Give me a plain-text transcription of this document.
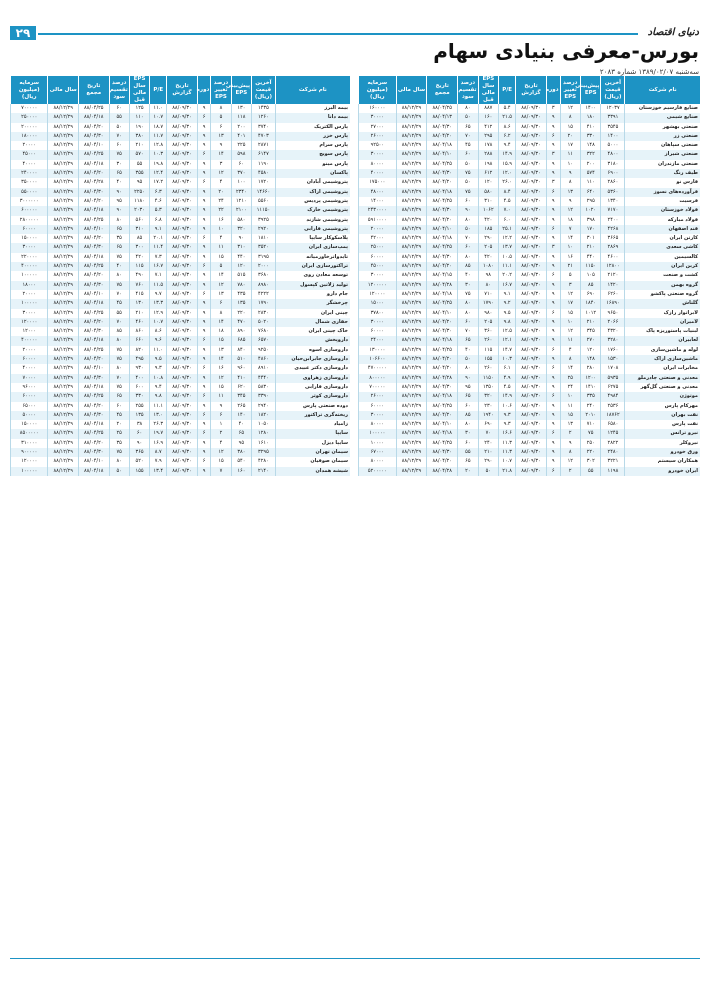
۲۹	دنیای اقتصاد
بورس-معرفی بنیادی سهام
سه‌شنبه ۱۳۸۹/۰۲/۰۷ شماره ۲۰۸۳
نام شرکت	آخرین قیمت (ریال)	پیش‌بینی EPS	درصد تغییر EPS	دوره	تاریخ گزارش	P/E	EPS سال مالی قبل	درصد تقسیم سود	تاریخ مجمع	سال مالی	سرمایه (میلیون ریال)
صنایع فارسیم خوزستان	۱۲۰۳۷	۱۴۰۰	۱۲	۳	۸۸/۰۹/۳۰	۵.۴	۸۸۷	۸۰	۸۸/۰۴/۲۵	۸۸/۱۲/۲۹	۱۶۰۰۰۰
صنایع شیمی	۳۳۹۱	۱۸۰	۸	۹	۸۸/۰۹/۳۰	۲۱.۵	۱۶۰	۵۰	۸۸/۰۴/۱۳	۸۸/۱۲/۲۹	۳۰۰۰۰
صنعتی بهشهر	۳۵۴۵	۴۱۰	۱۵	۹	۸۸/۰۹/۳۰	۸.۶	۴۱۲	۶۵	۸۸/۰۴/۳۰	۸۸/۱۲/۲۹	۲۷۰۰۰
صنعتی زر	۱۴۰۰	۳۳۰	۲۰	۶	۸۸/۰۹/۳۰	۶.۲	۲۹۵	۷۰	۸۸/۰۴/۲۰	۸۸/۱۲/۲۹	۲۶۰۰۰
صنعتی سپاهان	۵۰۰۰	۱۴۸	۱۷	۹	۸۸/۰۹/۳۰	۹.۴	۱۷۸	۴۵	۸۸/۰۴/۱۸	۸۸/۱۲/۲۹	۹۲۵۰۰
صنعتی شیراز	۴۸۰۰	۳۲۲	۱۱	۳	۸۸/۰۹/۳۰	۱۴.۹	۲۸۸	۶۰	۸۸/۰۴/۱۰	۸۸/۱۲/۲۹	۳۰۰۰۰
صنعتی مازندران	۳۱۸۰	۲۰۰	۱۰	۹	۸۸/۰۹/۳۰	۱۵.۹	۱۹۸	۵۰	۸۸/۰۴/۲۵	۸۸/۱۲/۲۹	۸۰۰۰۰
طیف رنگ	۶۹۰۰	۵۷۴	۹	۹	۸۸/۰۹/۳۰	۱۲.۰	۶۱۲	۷۵	۸۸/۰۴/۳۰	۸۸/۱۲/۲۹	۴۰۰۰۰
فارس نو	۲۸۶۰	۱۱۰	۸	۳	۸۸/۰۹/۳۰	۲۶.۰	۱۲۰	۵۰	۸۸/۰۴/۲۰	۸۸/۱۲/۲۹	۱۷۵۰۰۰
فرآورده‌های نسوز	۵۳۶۰	۶۴۰	۱۳	۶	۸۸/۰۹/۳۰	۸.۴	۵۸۰	۷۵	۸۸/۰۴/۱۸	۸۸/۱۲/۲۹	۴۸۰۰۰
فرسیت	۱۳۴۰	۲۹۵	۹	۹	۸۸/۰۹/۳۰	۴.۵	۳۱۰	۶۰	۸۸/۰۴/۲۵	۸۸/۱۲/۲۹	۱۴۰۰۰
فولاد خوزستان	۷۱۷۰	۱۰۲۰	۱۲	۹	۸۸/۰۹/۳۰	۷.۰	۱۰۶۲	۹۰	۸۸/۰۴/۳۰	۸۸/۱۲/۲۹	۲۴۳۰۰۰۰
فولاد مبارکه	۲۴۰۰	۳۹۸	۱۸	۹	۸۸/۰۹/۳۰	۶.۰	۴۲۰	۸۰	۸۸/۰۴/۲۰	۸۸/۱۲/۲۹	۵۹۱۰۰۰۰
قند اصفهان	۴۲۶۸	۱۷۰	۷	۶	۸۸/۰۹/۳۰	۲۵.۱	۱۸۵	۵۰	۸۸/۰۴/۱۰	۸۸/۱۲/۲۹	۲۰۰۰۰
کارتن ایران	۳۶۶۵	۳۰۱	۱۴	۹	۸۸/۰۹/۳۰	۱۲.۲	۲۹۰	۷۰	۸۸/۰۴/۱۸	۸۸/۱۲/۲۹	۴۲۰۰۰
کاشی سعدی	۲۸۶۹	۲۱۰	۱۰	۳	۸۸/۰۹/۳۰	۱۳.۷	۲۰۵	۶۰	۸۸/۰۴/۲۵	۸۸/۱۲/۲۹	۲۵۰۰۰
کالسیمین	۴۶۰۰	۴۴۰	۱۶	۹	۸۸/۰۹/۳۰	۱۰.۵	۴۲۰	۸۰	۸۸/۰۴/۳۰	۸۸/۱۲/۲۹	۶۰۰۰۰
کربن ایران	۱۲۸۰۰	۱۱۵۰	۲۱	۹	۸۸/۰۹/۳۰	۱۱.۱	۱۰۸۰	۸۵	۸۸/۰۴/۲۰	۸۸/۱۲/۲۹	۴۵۰۰۰
کشت و صنعت	۲۱۲۰	۱۰۵	۵	۶	۸۸/۰۹/۳۰	۲۰.۲	۹۸	۴۰	۸۸/۰۴/۱۵	۸۸/۱۲/۲۹	۳۰۰۰۰
گروه بهمن	۱۴۲۰	۸۵	۳	۹	۸۸/۰۹/۳۰	۱۶.۷	۸۰	۳۰	۸۸/۰۴/۲۸	۸۸/۱۲/۲۹	۱۲۰۰۰۰۰
گروه صنعتی پاکشو	۶۲۶۰	۶۹۰	۱۲	۹	۸۸/۰۹/۳۰	۹.۱	۷۱۰	۷۵	۸۸/۰۴/۱۸	۸۸/۱۲/۲۹	۱۲۰۰۰۰
گلتاش	۱۶۸۹۰	۱۸۴۰	۱۷	۹	۸۸/۰۹/۳۰	۹.۲	۱۷۹۰	۸۰	۸۸/۰۴/۲۵	۸۸/۱۲/۲۹	۱۵۰۰۰
لابراتوار رازک	۹۶۵۰	۱۰۱۲	۱۵	۶	۸۸/۰۹/۳۰	۹.۵	۹۸۰	۸۰	۸۸/۰۴/۱۰	۸۸/۱۲/۲۹	۳۷۸۰۰
لامیران	۲۰۶۶	۲۱۰	۱۰	۹	۸۸/۰۹/۳۰	۹.۸	۲۰۵	۶۰	۸۸/۰۴/۲۰	۸۸/۱۲/۲۹	۳۰۰۰۰
لبنیات پاستوریزه پاک	۴۳۲۰	۳۴۵	۱۲	۹	۸۸/۰۹/۳۰	۱۲.۵	۳۶۰	۷۰	۸۸/۰۴/۳۰	۸۸/۱۲/۲۹	۶۰۰۰۰
لعابیران	۳۲۸۰	۲۷۰	۱۱	۹	۸۸/۰۹/۳۰	۱۲.۱	۲۶۰	۶۵	۸۸/۰۴/۱۸	۸۸/۱۲/۲۹	۲۴۰۰۰
لوله و ماشین‌سازی	۱۷۶۰	۱۲۰	۴	۶	۸۸/۰۹/۳۰	۱۴.۷	۱۱۵	۴۰	۸۸/۰۴/۲۵	۸۸/۱۲/۲۹	۱۳۰۰۰۰
ماشین‌سازی اراک	۱۵۳۰	۱۴۸	۸	۹	۸۸/۰۹/۳۰	۱۰.۳	۱۵۵	۵۰	۸۸/۰۴/۲۰	۸۸/۱۲/۲۹	۱۰۶۶۰۰
مخابرات ایران	۱۷۰۸	۲۸۰	۱۴	۶	۸۸/۰۹/۳۰	۶.۱	۲۶۰	۸۰	۸۸/۰۴/۲۰	۸۸/۱۲/۲۹	۴۷۰۰۰۰۰
معدنی و صنعتی چادرملو	۵۹۳۵	۱۲۰۰	۲۵	۹	۸۸/۰۹/۳۰	۴.۹	۱۱۵۰	۹۰	۸۸/۰۴/۲۸	۸۸/۱۲/۲۹	۸۰۰۰۰۰
معدنی و صنعتی گل‌گهر	۶۲۷۵	۱۴۱۰	۲۴	۹	۸۸/۰۹/۳۰	۴.۵	۱۳۵۰	۹۵	۸۸/۰۴/۳۰	۸۸/۱۲/۲۹	۷۰۰۰۰۰
موتوژن	۴۹۸۴	۳۳۵	۱۰	۶	۸۸/۰۹/۳۰	۱۴.۹	۳۲۰	۶۵	۸۸/۰۴/۱۸	۸۸/۱۲/۲۹	۲۶۰۰۰
مهرکام پارس	۲۵۳۶	۲۴۰	۱۱	۹	۸۸/۰۹/۳۰	۱۰.۶	۲۳۰	۶۰	۸۸/۰۴/۲۵	۸۸/۱۲/۲۹	۶۰۰۰۰
نفت بهران	۱۸۷۶۲	۲۰۱۰	۱۵	۹	۸۸/۰۹/۳۰	۹.۳	۱۹۴۰	۸۵	۸۸/۰۴/۲۰	۸۸/۱۲/۲۹	۳۰۰۰۰
نفت پارس	۶۵۸۰	۷۱۰	۱۳	۹	۸۸/۰۹/۳۰	۹.۳	۶۹۰	۸۰	۸۸/۰۴/۱۰	۸۸/۱۲/۲۹	۸۰۰۰۰
نیرو ترانس	۱۲۴۵	۷۵	۲	۶	۸۸/۰۹/۳۰	۱۶.۶	۷۰	۳۰	۸۸/۰۴/۱۸	۸۸/۱۲/۲۹	۱۰۰۰۰۰
نیروکلر	۲۸۲۲	۲۵۰	۹	۹	۸۸/۰۹/۳۰	۱۱.۳	۲۴۰	۶۰	۸۸/۰۴/۲۵	۸۸/۱۲/۲۹	۱۰۰۰۰
ورق خودرو	۲۴۸۰	۲۲۰	۸	۹	۸۸/۰۹/۳۰	۱۱.۳	۲۱۰	۵۵	۸۸/۰۴/۳۰	۸۸/۱۲/۲۹	۶۷۰۰۰
همکاران سیستم	۳۲۲۱	۳۰۲	۱۲	۹	۸۸/۰۹/۳۰	۱۰.۷	۲۹۰	۶۵	۸۸/۰۴/۲۰	۸۸/۱۲/۲۹	۸۰۰۰۰
ایران خودرو	۱۱۹۸	۵۵	۲	۶	۸۸/۰۹/۳۰	۲۱.۸	۵۰	۲۰	۸۸/۰۴/۲۸	۸۸/۱۲/۲۹	۵۲۰۰۰۰۰
نام شرکت	آخرین قیمت (ریال)	پیش‌بینی EPS	درصد تغییر EPS	دوره	تاریخ گزارش	P/E	EPS سال مالی قبل	درصد تقسیم سود	تاریخ مجمع	سال مالی	سرمایه (میلیون ریال)
بیمه البرز	۱۴۳۵	۱۳۰	۸	۹	۸۸/۰۹/۳۰	۱۱.۰	۱۲۵	۶۰	۸۸/۰۴/۲۵	۸۸/۱۲/۲۹	۷۰۰۰۰۰
بیمه دانا	۱۲۶۰	۱۱۸	۵	۶	۸۸/۰۹/۳۰	۱۰.۷	۱۱۰	۵۵	۸۸/۰۴/۱۸	۸۸/۱۲/۲۹	۲۵۰۰۰۰
پارس الکتریک	۳۷۴۰	۲۰۰	۶	۹	۸۸/۰۹/۳۰	۱۸.۷	۱۹۰	۵۰	۸۸/۰۴/۲۰	۸۸/۱۲/۲۹	۲۰۰۰۰۰
پارس خزر	۴۷۰۳	۴۰۱	۱۳	۹	۸۸/۰۹/۳۰	۱۱.۷	۳۸۰	۷۰	۸۸/۰۴/۳۰	۸۸/۱۲/۲۹	۱۸۰۰۰۰
پارس سرام	۲۸۷۱	۲۲۵	۹	۹	۸۸/۰۹/۳۰	۱۲.۸	۲۱۰	۶۰	۸۸/۰۴/۱۰	۸۸/۱۲/۲۹	۲۰۰۰۰
پارس سویچ	۶۱۴۷	۵۹۸	۱۴	۶	۸۸/۰۹/۳۰	۱۰.۳	۵۷۰	۷۵	۸۸/۰۴/۲۵	۸۸/۱۲/۲۹	۴۵۰۰۰
پارس مینو	۱۱۹۰	۶۰	۳	۹	۸۸/۰۹/۳۰	۱۹.۸	۵۵	۳۰	۸۸/۰۴/۱۸	۸۸/۱۲/۲۹	۴۰۰۰۰
پاکسان	۴۵۸۰	۳۷۰	۱۲	۹	۸۸/۰۹/۳۰	۱۲.۴	۳۵۵	۶۵	۸۸/۰۴/۲۰	۸۸/۱۲/۲۹	۲۴۰۰۰۰
پتروشیمی آبادان	۱۷۲۰	۱۰۰	۴	۶	۸۸/۰۹/۳۰	۱۷.۲	۹۵	۴۰	۸۸/۰۴/۲۸	۸۸/۱۲/۲۹	۳۵۰۰۰۰
پتروشیمی اراک	۱۴۶۶۰	۲۳۴۰	۲۰	۹	۸۸/۰۹/۳۰	۶.۳	۲۲۵۰	۹۰	۸۸/۰۴/۳۰	۸۸/۱۲/۲۹	۵۵۰۰۰۰
پتروشیمی پردیس	۵۵۶۰	۱۲۱۰	۲۴	۹	۸۸/۰۹/۳۰	۴.۶	۱۱۸۰	۹۵	۸۸/۰۴/۲۰	۸۸/۱۲/۲۹	۳۰۰۰۰۰۰
پتروشیمی خارک	۱۱۱۵۰	۲۱۰۰	۲۲	۹	۸۸/۰۹/۳۰	۵.۳	۲۰۳۰	۹۰	۸۸/۰۴/۱۸	۸۸/۱۲/۲۹	۶۰۰۰۰۰
پتروشیمی شازند	۳۹۲۵	۵۸۰	۱۶	۹	۸۸/۰۹/۳۰	۶.۸	۵۶۰	۸۰	۸۸/۰۴/۲۵	۸۸/۱۲/۲۹	۲۸۰۰۰۰۰
پتروشیمی فارابی	۲۹۲۰	۳۲۰	۱۰	۹	۸۸/۰۹/۳۰	۹.۱	۳۱۰	۶۵	۸۸/۰۴/۱۰	۸۸/۱۲/۲۹	۶۰۰۰۰
پلاسکوکار سایپا	۱۸۱۰	۹۰	۴	۶	۸۸/۰۹/۳۰	۲۰.۱	۸۵	۳۵	۸۸/۰۴/۲۰	۸۸/۱۲/۲۹	۱۵۰۰۰۰
پمپ‌سازی ایران	۳۵۲۰	۳۱۰	۱۱	۹	۸۸/۰۹/۳۰	۱۱.۴	۳۰۰	۶۵	۸۸/۰۴/۳۰	۸۸/۱۲/۲۹	۳۰۰۰۰
تایدواترخاورمیانه	۳۱۹۵	۴۴۰	۱۵	۹	۸۸/۰۹/۳۰	۷.۳	۴۲۰	۷۵	۸۸/۰۴/۱۸	۸۸/۱۲/۲۹	۲۲۰۰۰۰
تراکتورسازی ایران	۲۰۰۰	۱۲۰	۵	۶	۸۸/۰۹/۳۰	۱۶.۷	۱۱۵	۴۰	۸۸/۰۴/۲۵	۸۸/۱۲/۲۹	۴۰۰۰۰۰
توسعه معادن روی	۳۶۸۰	۵۱۵	۱۴	۹	۸۸/۰۹/۳۰	۷.۱	۴۹۰	۸۰	۸۸/۰۴/۲۰	۸۸/۱۲/۲۹	۱۰۰۰۰۰
تولید ژلاتین کپسول	۸۹۸۰	۷۸۰	۱۲	۹	۸۸/۰۹/۳۰	۱۱.۵	۷۶۰	۷۵	۸۸/۰۴/۳۰	۸۸/۱۲/۲۹	۱۸۰۰۰
جام دارو	۴۲۲۲	۴۳۵	۱۳	۶	۸۸/۰۹/۳۰	۹.۷	۴۱۵	۷۰	۸۸/۰۴/۱۰	۸۸/۱۲/۲۹	۲۰۰۰۰
چرخشگر	۱۷۹۰	۱۳۵	۶	۹	۸۸/۰۹/۳۰	۱۳.۳	۱۳۰	۴۵	۸۸/۰۴/۱۸	۸۸/۱۲/۲۹	۱۰۰۰۰۰
چینی ایران	۲۸۳۰	۲۲۰	۸	۹	۸۸/۰۹/۳۰	۱۲.۹	۲۱۰	۵۵	۸۸/۰۴/۲۵	۸۸/۱۲/۲۹	۳۰۰۰۰
حفاری شمال	۵۰۲۰	۴۷۰	۱۴	۹	۸۸/۰۹/۳۰	۱۰.۷	۴۶۰	۷۰	۸۸/۰۴/۲۰	۸۸/۱۲/۲۹	۱۲۰۰۰۰
خاک چینی ایران	۷۶۸۰	۸۹۰	۱۸	۹	۸۸/۰۹/۳۰	۸.۶	۸۶۰	۸۵	۸۸/۰۴/۳۰	۸۸/۱۲/۲۹	۱۲۰۰۰
داروپخش	۶۵۷۰	۶۸۵	۱۵	۶	۸۸/۰۹/۳۰	۹.۶	۶۶۰	۸۰	۸۸/۰۴/۱۸	۸۸/۱۲/۲۹	۴۰۰۰۰۰
داروسازی اسوه	۹۲۵۰	۸۴۰	۱۳	۹	۸۸/۰۹/۳۰	۱۱.۰	۸۲۰	۷۵	۸۸/۰۴/۲۵	۸۸/۱۲/۲۹	۲۰۰۰۰
داروسازی جابرابن‌حیان	۴۸۶۰	۵۱۰	۱۴	۹	۸۸/۰۹/۳۰	۹.۵	۴۹۵	۷۵	۸۸/۰۴/۲۰	۸۸/۱۲/۲۹	۶۰۰۰۰
داروسازی دکتر عبیدی	۸۹۱۰	۹۶۰	۱۶	۶	۸۸/۰۹/۳۰	۹.۳	۹۳۰	۸۰	۸۸/۰۴/۱۰	۸۸/۱۲/۲۹	۴۰۰۰۰
داروسازی زهراوی	۴۴۴۰	۴۱۰	۱۲	۹	۸۸/۰۹/۳۰	۱۰.۸	۴۰۰	۷۰	۸۸/۰۴/۳۰	۸۸/۱۲/۲۹	۷۰۰۰۰
داروسازی فارابی	۵۸۳۰	۶۲۰	۱۵	۹	۸۸/۰۹/۳۰	۹.۴	۶۰۰	۷۵	۸۸/۰۴/۱۸	۸۸/۱۲/۲۹	۹۶۰۰۰
داروسازی کوثر	۳۳۹۰	۳۴۵	۱۱	۶	۸۸/۰۹/۳۰	۹.۸	۳۳۰	۶۵	۸۸/۰۴/۲۵	۸۸/۱۲/۲۹	۶۰۰۰۰
دوده صنعتی پارس	۲۹۴۰	۲۶۵	۹	۹	۸۸/۰۹/۳۰	۱۱.۱	۲۵۵	۶۰	۸۸/۰۴/۲۰	۸۸/۱۲/۲۹	۶۵۰۰۰
ریخته‌گری تراکتور	۱۸۲۰	۱۴۰	۶	۶	۸۸/۰۹/۳۰	۱۳.۰	۱۳۵	۴۵	۸۸/۰۴/۳۰	۸۸/۱۲/۲۹	۵۰۰۰۰
زامیاد	۱۰۵۰	۴۰	۱	۹	۸۸/۰۹/۳۰	۲۶.۳	۳۸	۲۰	۸۸/۰۴/۱۸	۸۸/۱۲/۲۹	۱۵۰۰۰۰
سایپا	۱۲۸۰	۶۵	۲	۶	۸۸/۰۹/۳۰	۱۹.۷	۶۰	۲۵	۸۸/۰۴/۲۵	۸۸/۱۲/۲۹	۸۵۰۰۰۰۰
سایپا دیزل	۱۶۱۰	۹۵	۴	۹	۸۸/۰۹/۳۰	۱۶.۹	۹۰	۳۵	۸۸/۰۴/۲۰	۸۸/۱۲/۲۹	۳۱۰۰۰۰
سیمان تهران	۳۲۹۵	۳۸۰	۱۲	۹	۸۸/۰۹/۳۰	۸.۷	۳۶۵	۷۵	۸۸/۰۴/۳۰	۸۸/۱۲/۲۹	۹۰۰۰۰۰
سیمان صوفیان	۴۲۸۰	۵۴۰	۱۵	۶	۸۸/۰۹/۳۰	۷.۹	۵۲۰	۸۰	۸۸/۰۴/۱۰	۸۸/۱۲/۲۹	۱۲۰۰۰۰
شیشه همدان	۲۱۴۰	۱۶۰	۷	۹	۸۸/۰۹/۳۰	۱۳.۴	۱۵۵	۵۰	۸۸/۰۴/۱۸	۸۸/۱۲/۲۹	۱۰۰۰۰۰
